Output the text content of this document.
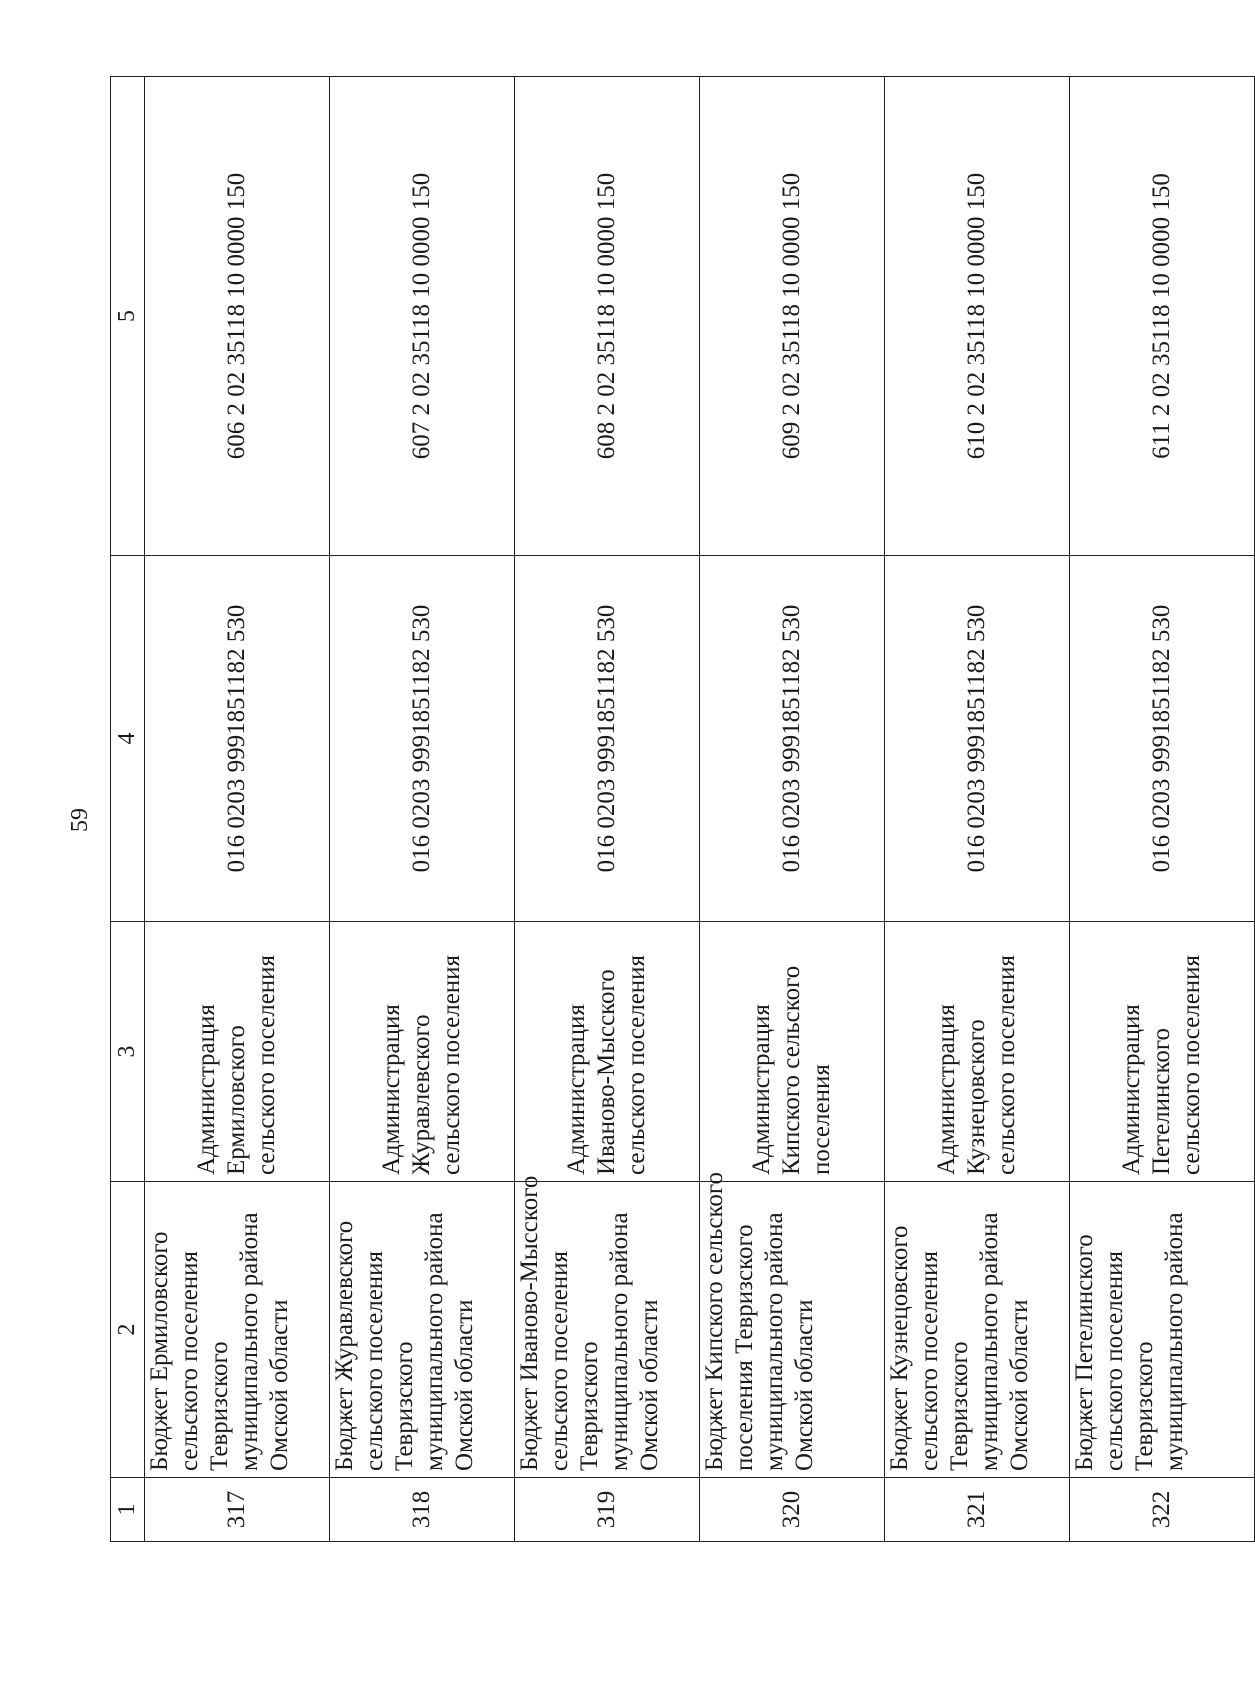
59
1	2	3	4	5
317	Бюджет Ермиловского сельского поселения Тевризского муниципального района Омской области	Администрация Ермиловского сельского поселения	016 0203 9991851182 530	606 2 02 35118 10 0000 150
318	Бюджет Журавлевского сельского поселения Тевризского муниципального района Омской области	Администрация Журавлевского сельского поселения	016 0203 9991851182 530	607 2 02 35118 10 0000 150
319	Бюджет Иваново-Мысского сельского поселения Тевризского муниципального района Омской области	Администрация Иваново-Мысского сельского поселения	016 0203 9991851182 530	608 2 02 35118 10 0000 150
320	Бюджет Кипского сельского поселения Тевризского муниципального района Омской области	Администрация Кипского сельского поселения	016 0203 9991851182 530	609 2 02 35118 10 0000 150
321	Бюджет Кузнецовского сельского поселения Тевризского муниципального района Омской области	Администрация Кузнецовского сельского поселения	016 0203 9991851182 530	610 2 02 35118 10 0000 150
322	Бюджет Петелинского сельского поселения Тевризского муниципального района	Администрация Петелинского сельского поселения	016 0203 9991851182 530	611 2 02 35118 10 0000 150
